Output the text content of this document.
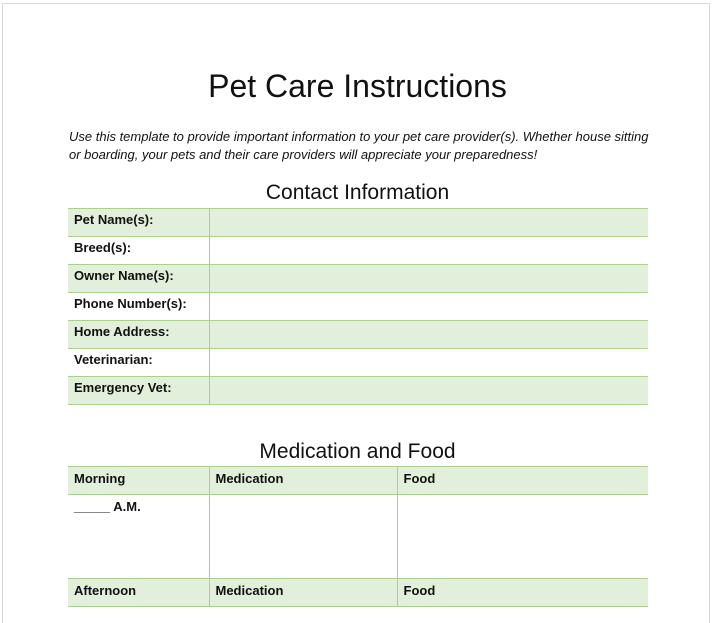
Pet Care Instructions

Use this template to provide important information to your pet care provider(s). Whether house sitting or boarding, your pets and their care providers will appreciate your preparedness!

Contact Information
Pet Name(s):	
Breed(s):	
Owner Name(s):	
Phone Number(s):	
Home Address:	
Veterinarian:	
Emergency Vet:	
Medication and Food
Morning	Medication	Food
_____ A.M.		
Afternoon	Medication	Food
